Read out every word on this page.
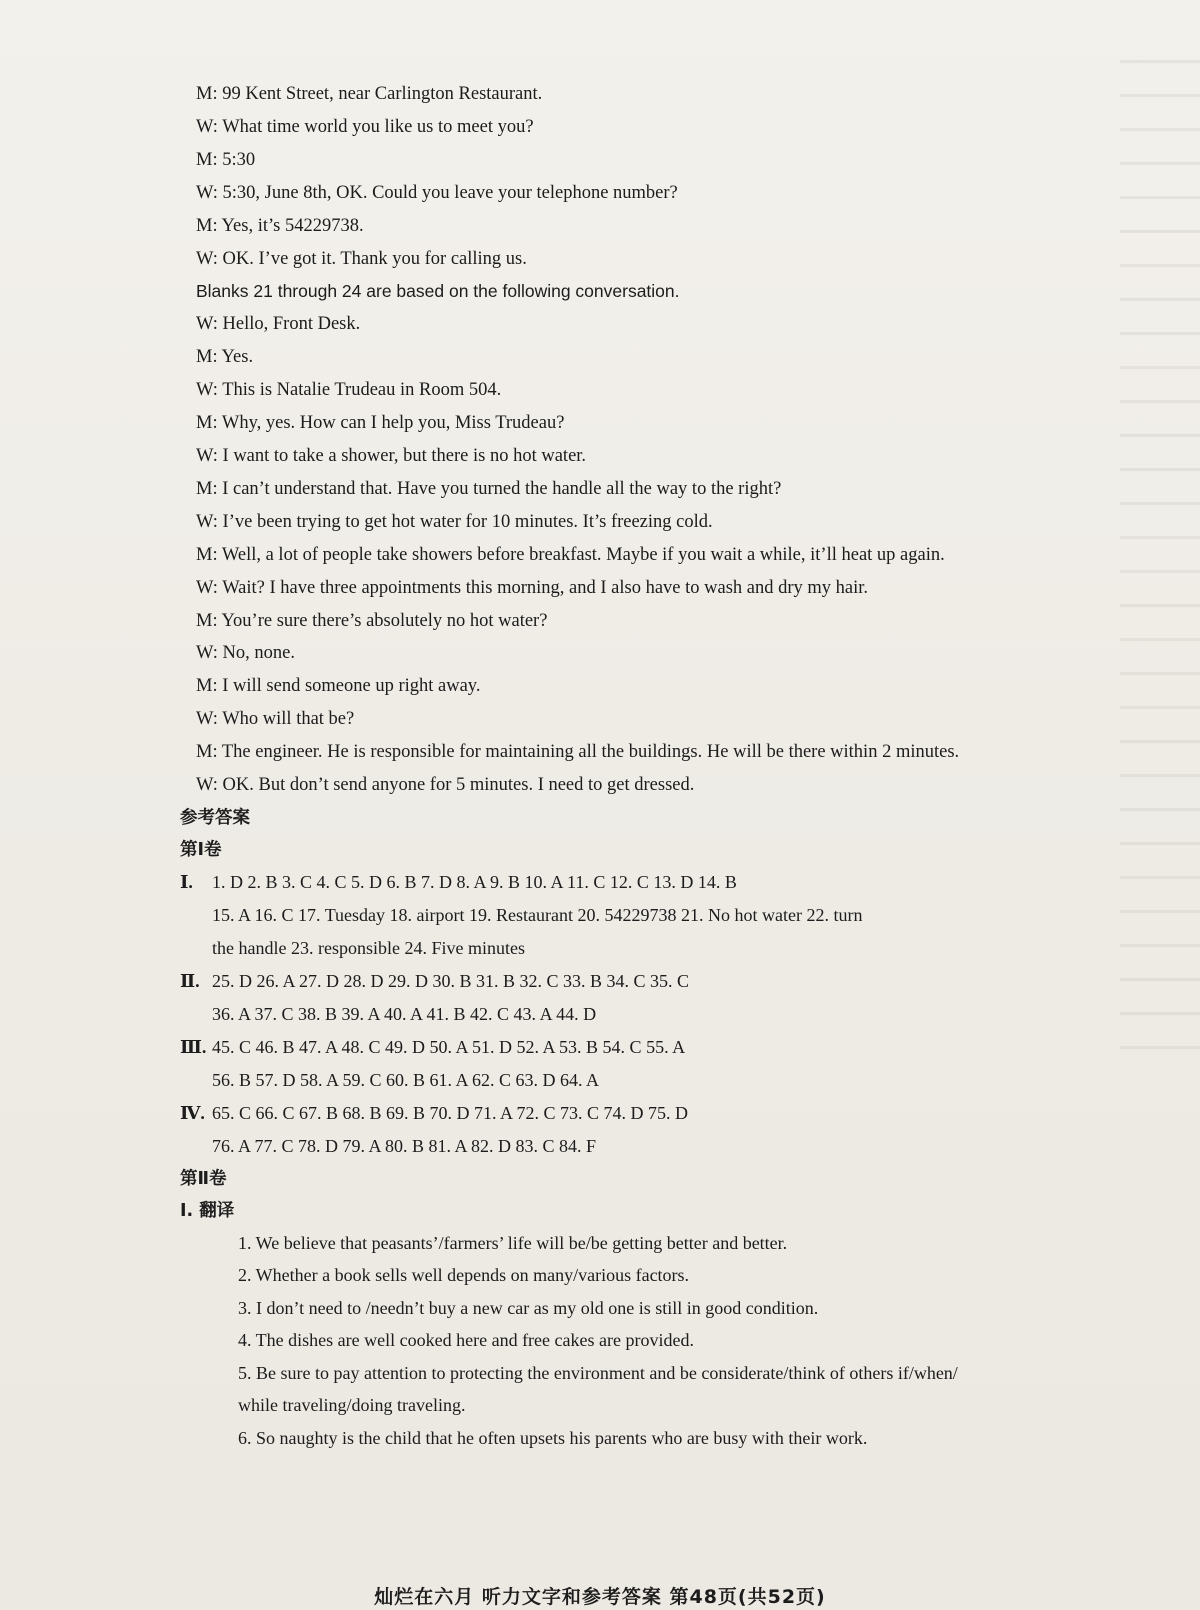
M: 99 Kent Street, near Carlington Restaurant.
W: What time world you like us to meet you?
M: 5:30
W: 5:30, June 8th, OK. Could you leave your telephone number?
M: Yes, it’s 54229738.
W: OK. I’ve got it. Thank you for calling us.
Blanks 21 through 24 are based on the following conversation.
W: Hello, Front Desk.
M: Yes.
W: This is Natalie Trudeau in Room 504.
M: Why, yes. How can I help you, Miss Trudeau?
W: I want to take a shower, but there is no hot water.
M: I can’t understand that. Have you turned the handle all the way to the right?
W: I’ve been trying to get hot water for 10 minutes. It’s freezing cold.
M: Well, a lot of people take showers before breakfast. Maybe if you wait a while, it’ll heat up again.
W: Wait? I have three appointments this morning, and I also have to wash and dry my hair.
M: You’re sure there’s absolutely no hot water?
W: No, none.
M: I will send someone up right away.
W: Who will that be?
M: The engineer. He is responsible for maintaining all the buildings. He will be there within 2 minutes.
W: OK. But don’t send anyone for 5 minutes. I need to get dressed.
参考答案
第Ⅰ卷
Ⅰ. 1. D 2. B 3. C 4. C 5. D 6. B 7. D 8. A 9. B 10. A 11. C 12. C 13. D 14. B
15. A 16. C 17. Tuesday 18. airport 19. Restaurant 20. 54229738 21. No hot water 22. turn
the handle 23. responsible 24. Five minutes
Ⅱ. 25. D 26. A 27. D 28. D 29. D 30. B 31. B 32. C 33. B 34. C 35. C
36. A 37. C 38. B 39. A 40. A 41. B 42. C 43. A 44. D
Ⅲ. 45. C 46. B 47. A 48. C 49. D 50. A 51. D 52. A 53. B 54. C 55. A
56. B 57. D 58. A 59. C 60. B 61. A 62. C 63. D 64. A
Ⅳ. 65. C 66. C 67. B 68. B 69. B 70. D 71. A 72. C 73. C 74. D 75. D
76. A 77. C 78. D 79. A 80. B 81. A 82. D 83. C 84. F
第Ⅱ卷
Ⅰ. 翻译
1. We believe that peasants’/farmers’ life will be/be getting better and better.
2. Whether a book sells well depends on many/various factors.
3. I don’t need to /needn’t buy a new car as my old one is still in good condition.
4. The dishes are well cooked here and free cakes are provided.
5. Be sure to pay attention to protecting the environment and be considerate/think of others if/when/
while traveling/doing traveling.
6. So naughty is the child that he often upsets his parents who are busy with their work.
灿烂在六月 听力文字和参考答案 第48页(共52页)
